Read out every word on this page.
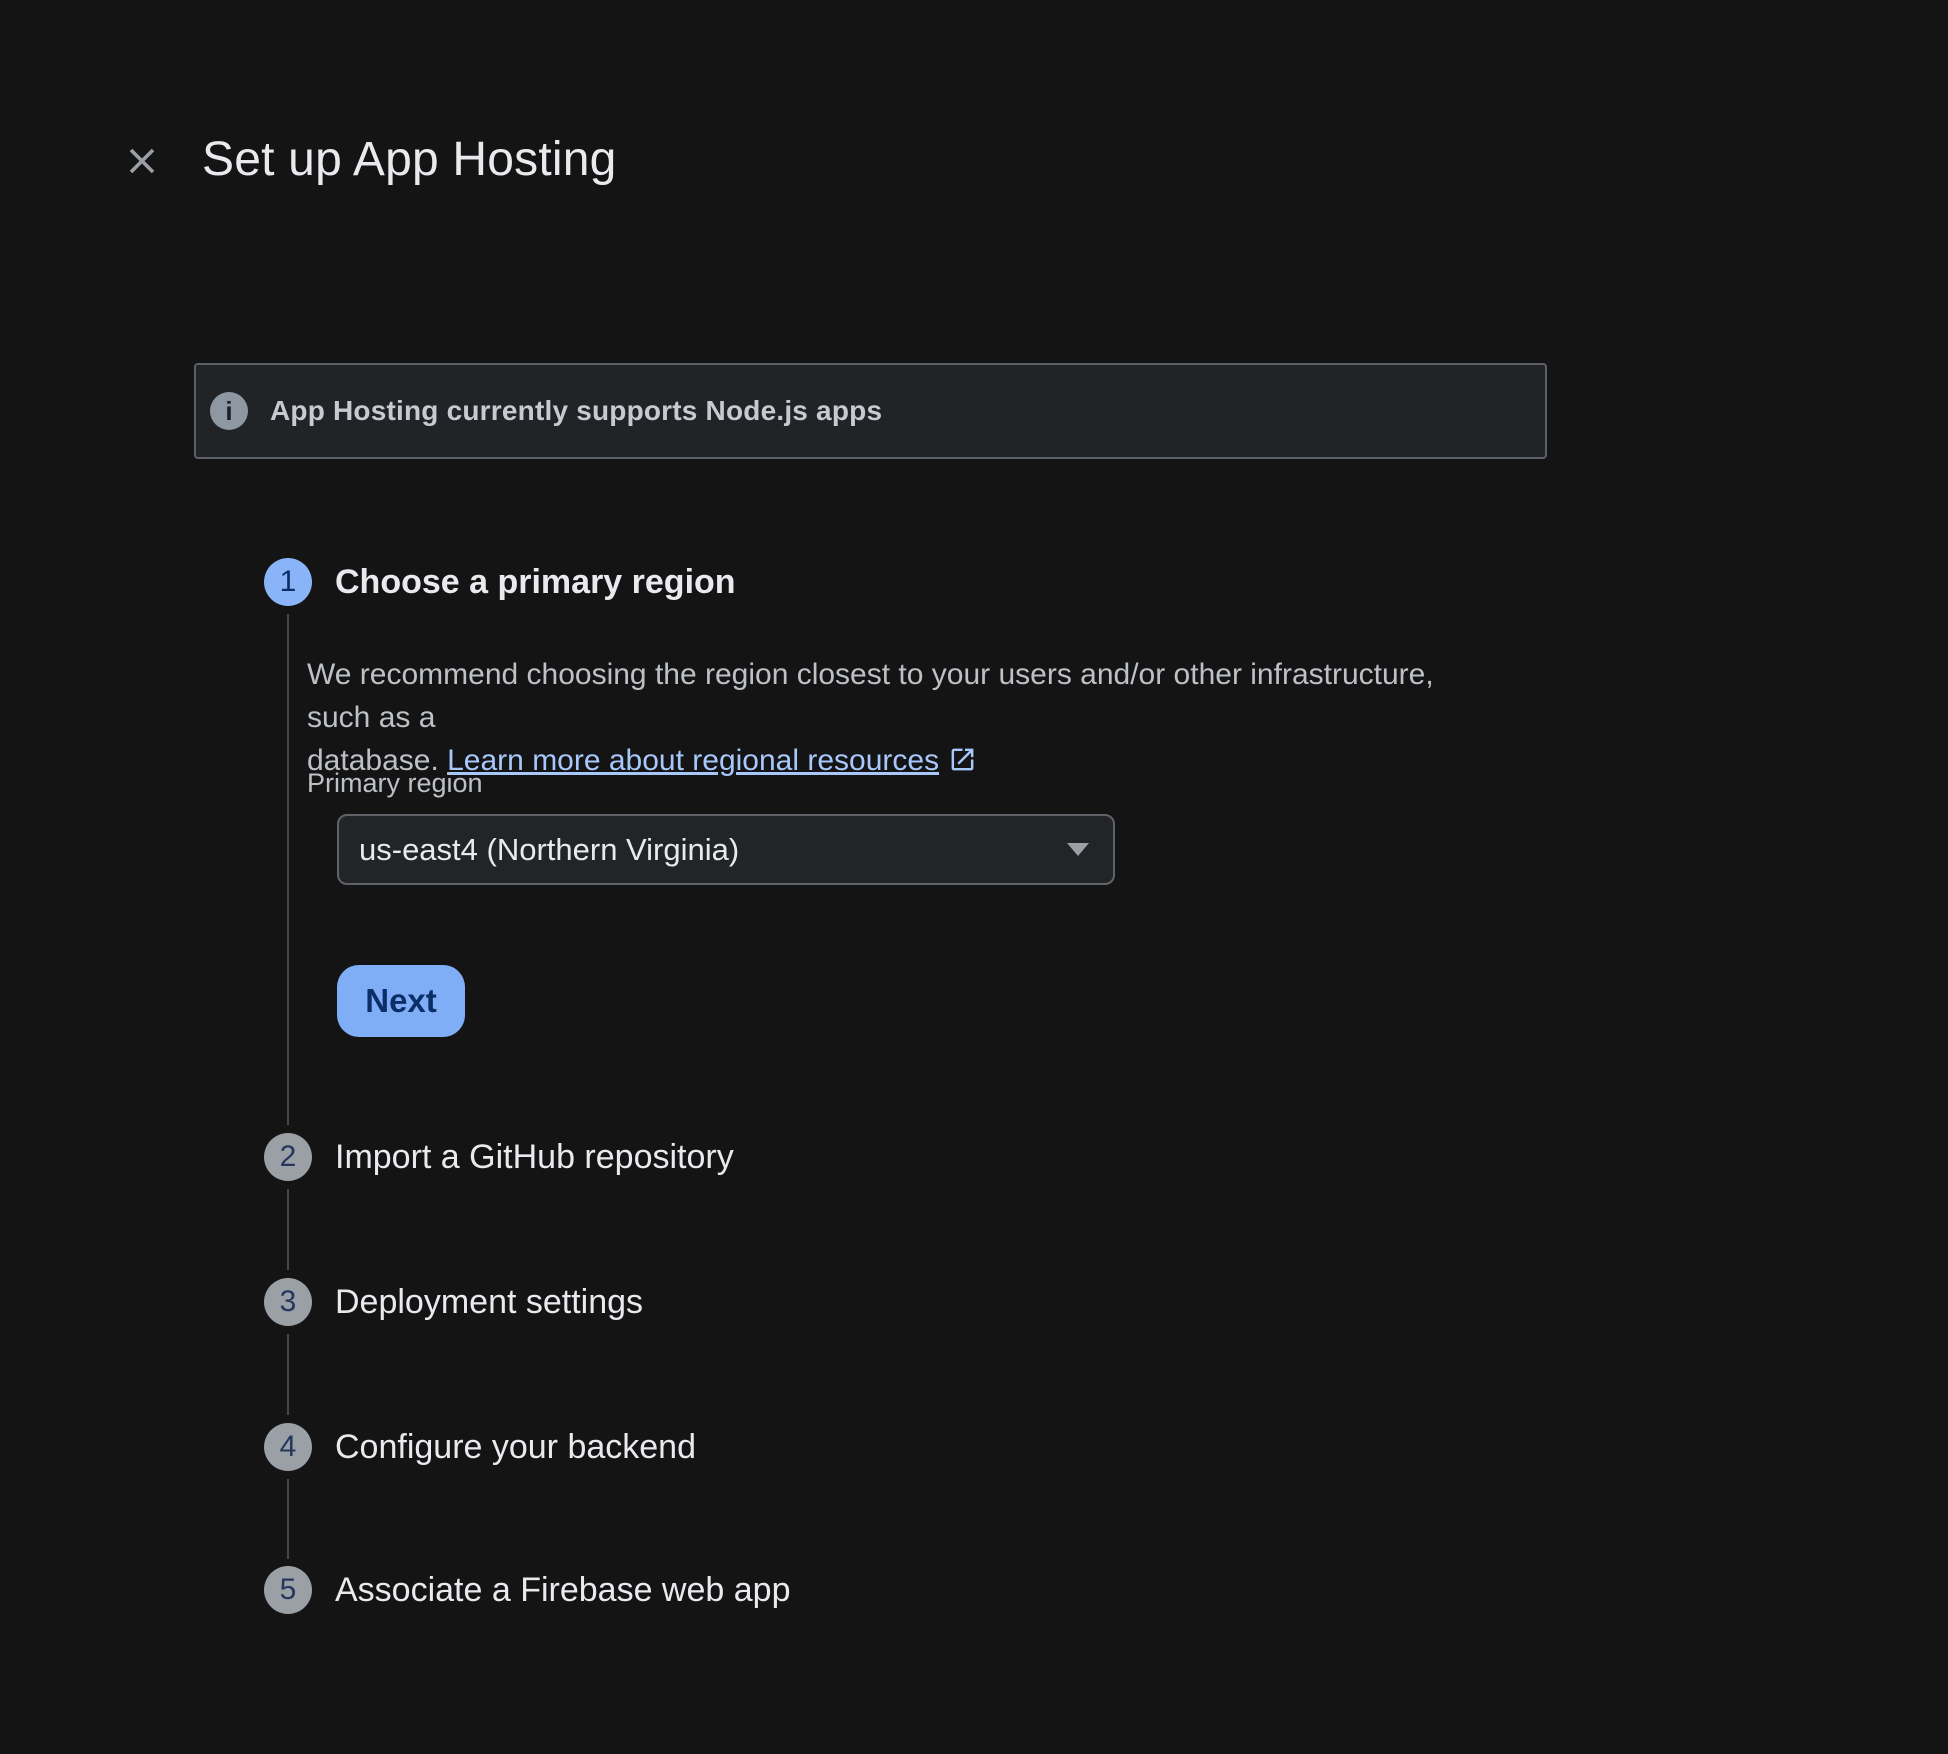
Set up App Hosting
i	App Hosting currently supports Node.js apps
1	Choose a primary region
We recommend choosing the region closest to your users and/or other infrastructure, such as a
database. Learn more about regional resources
Primary region
us-east4 (Northern Virginia)
Next
2	Import a GitHub repository
3	Deployment settings
4	Configure your backend
5	Associate a Firebase web app
